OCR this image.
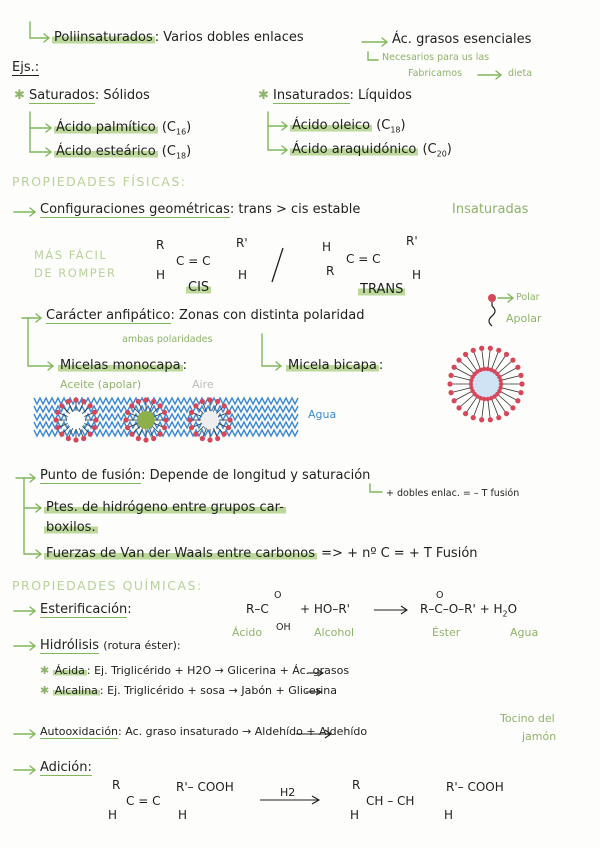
Poliinsaturados : Varios dobles enlaces	Ác. grasos esenciales
Necesarios para us las
Fabricamos	dieta
Ejs.:
✱ Saturados: Sólidos
Ácido palmítico $(C_{16})$
Ácido esteárico $(C_{18})$
✱ Insaturados: Líquidos
Ácido oleico $(C_{18})$
Ácido araquidónico $(C_{20})$
PROPIEDADES FÍSICAS:
Configuraciones geométricas: trans > cis estable	Insaturadas
MÁS FÁCIL
DE ROMPER
R	R'
C = C
H	H
CIS
H	R'
C = C
R	H
TRANS
Carácter anfipático: Zonas con distinta polaridad
ambas polaridades
Polar
Apolar
Micelas monocapa :	Micela bicapa :
Aceite (apolar)	Aire
Agua
Punto de fusión: Depende de longitud y saturación
+ dobles enlac. = – T fusión
Ptes. de hidrógeno entre grupos car-
boxilos.
Fuerzas de Van der Waals entre carbonos => + nº C = + T Fusión
PROPIEDADES QUÍMICAS:
Esterificación:	R–C
O
OH
+ HO–R'	$R-C-O-R' + H_2O$
O
Ácido	Alcohol	Éster	Agua
Hidrólisis (rotura éster):
✱ Ácida : Ej. Triglicérido + H2O → Glicerina + Ác. grasos
✱ Alcalina : Ej. Triglicérido + sosa → Jabón + Glicerina
Autooxidación: Ac. graso insaturado → Aldehído + Aldehído
Tocino del
jamón
Adición:
H2
R	R'– COOH
C = C
H	H
R	R'– COOH
CH – CH
H	H
